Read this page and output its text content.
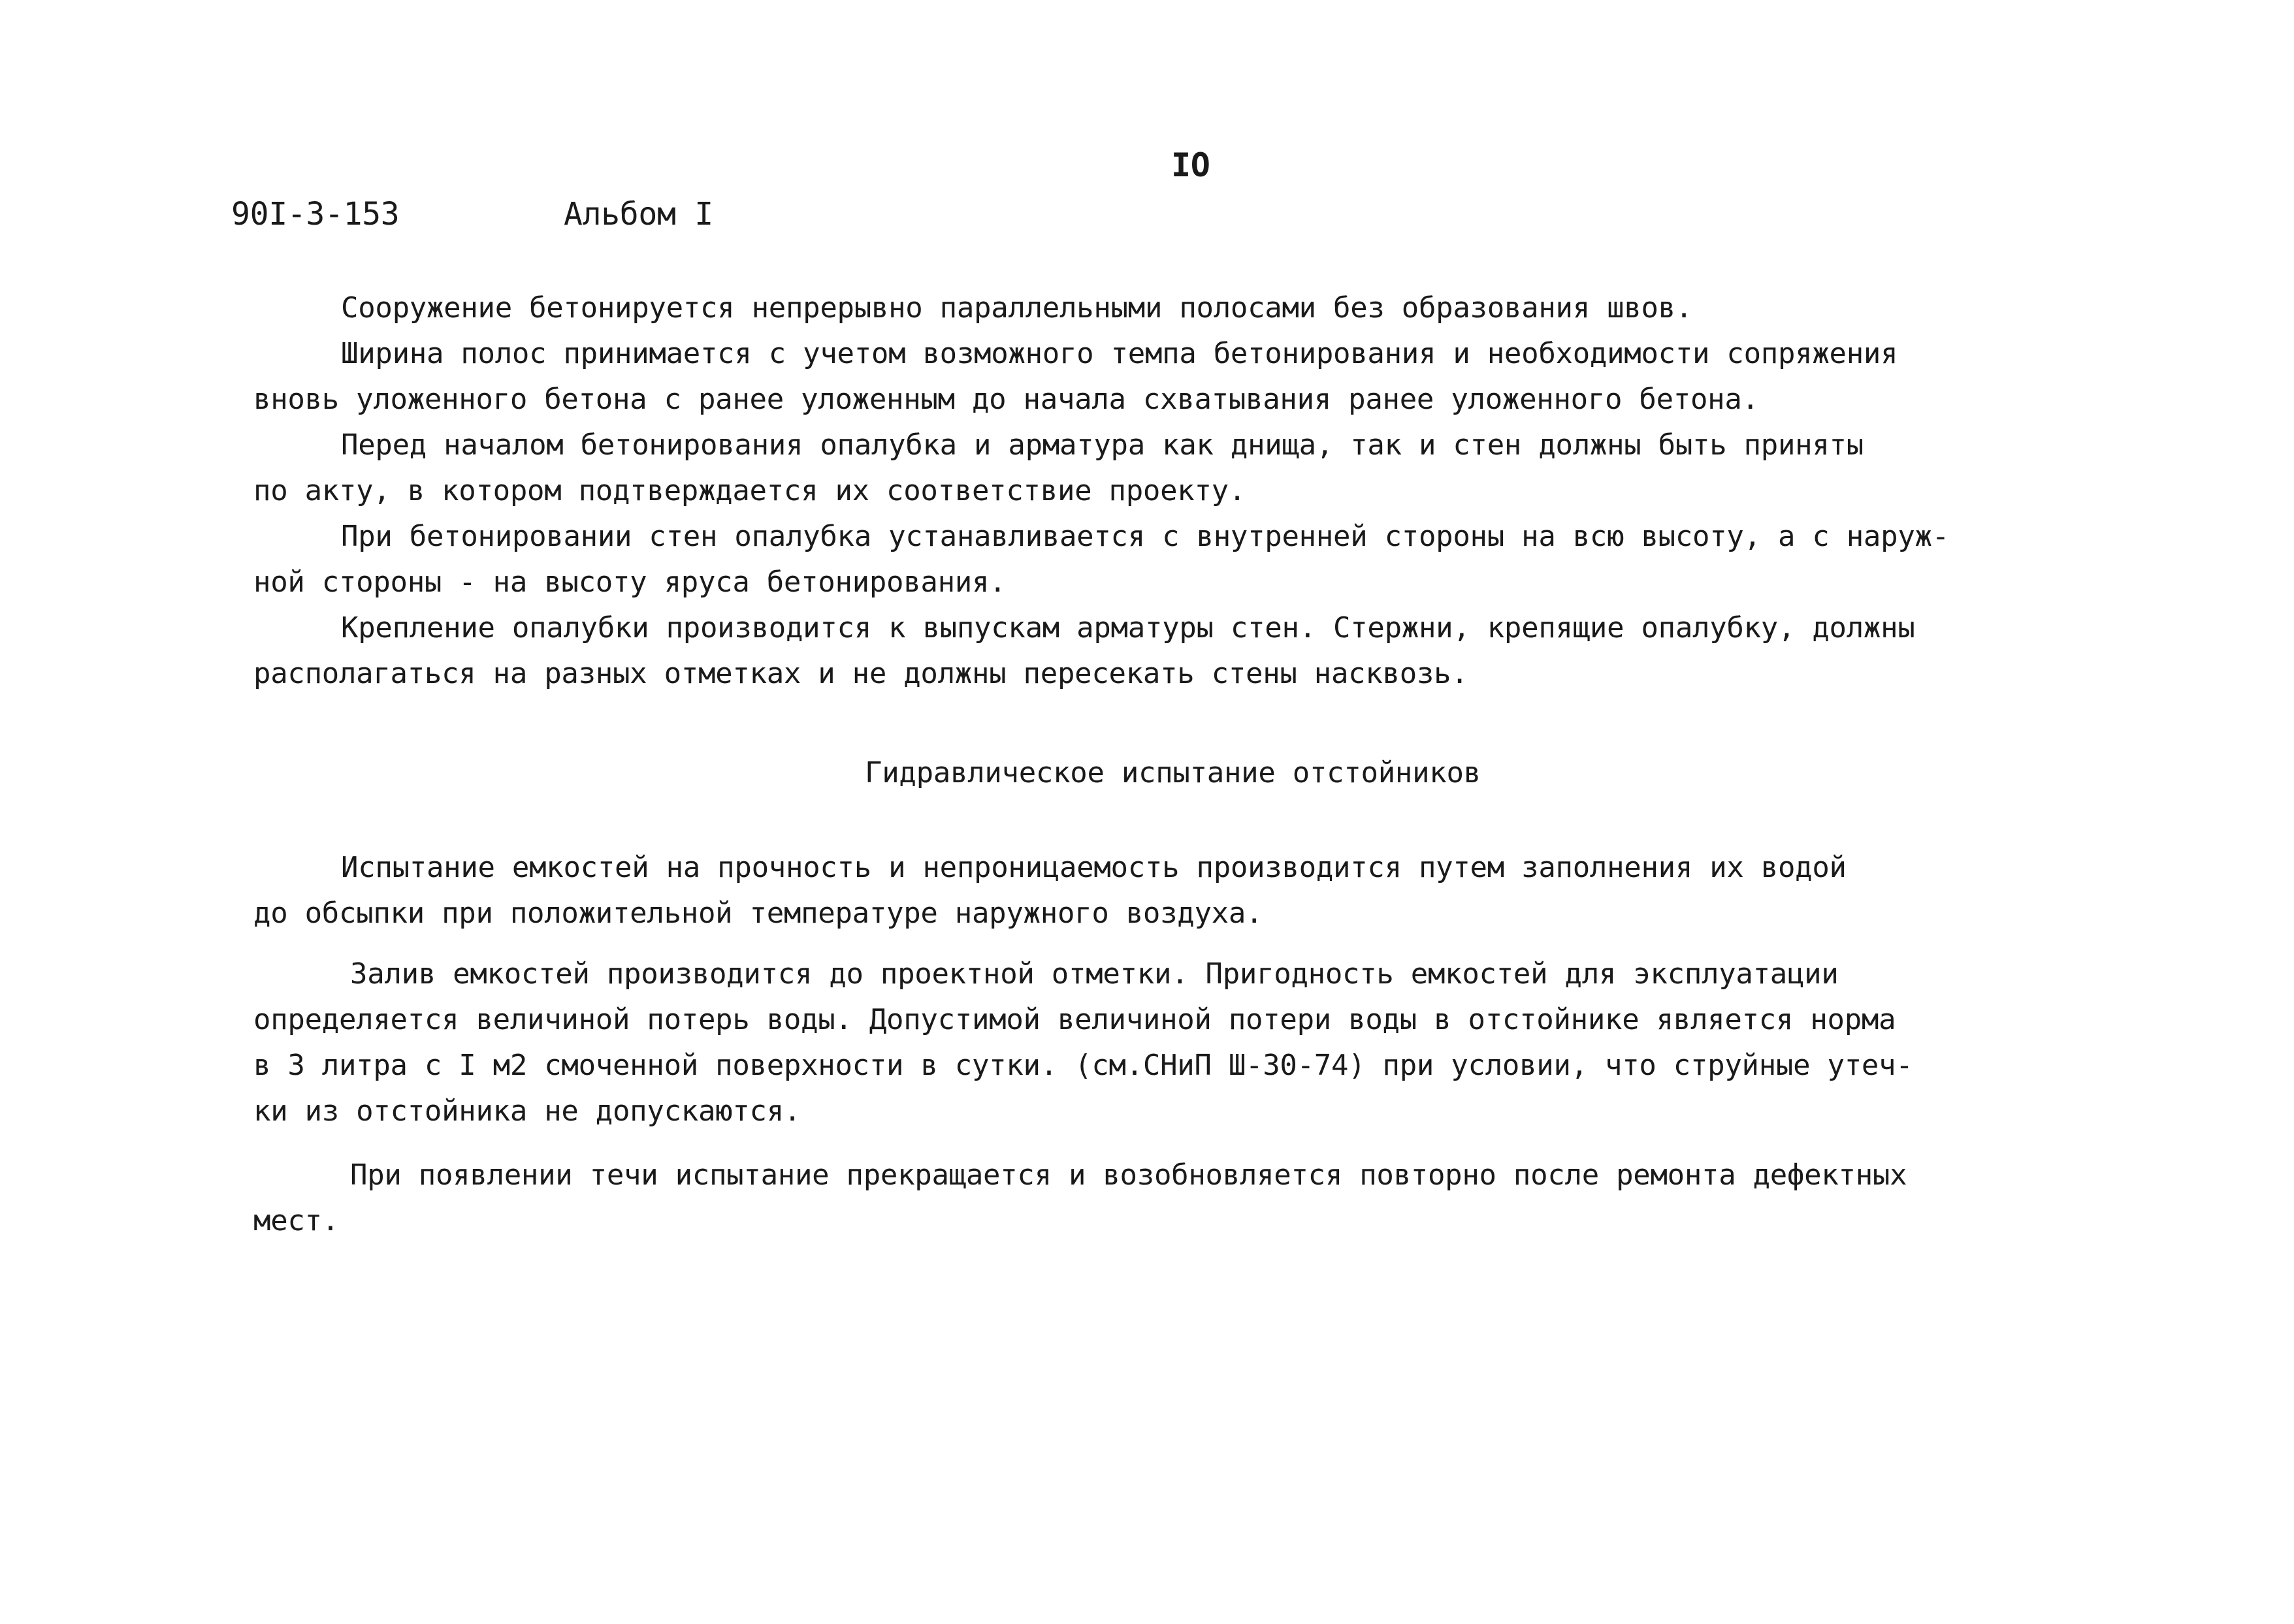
IO
90I-3-153	Альбом I
Сооружение бетонируется непрерывно параллельными полосами без образования швов.
Ширина полос принимается с учетом возможного темпа бетонирования и необходимости сопряжения
вновь уложенного бетона с ранее уложенным до начала схватывания ранее уложенного бетона.
Перед началом бетонирования опалубка и арматура как днища, так и стен должны быть приняты
по акту, в котором подтверждается их соответствие проекту.
При бетонировании стен опалубка устанавливается с внутренней стороны на всю высоту, а с наруж-
ной стороны - на высоту яруса бетонирования.
Крепление опалубки производится к выпускам арматуры стен. Стержни, крепящие опалубку, должны
располагаться на разных отметках и не должны пересекать стены насквозь.
Гидравлическое испытание отстойников
Испытание емкостей на прочность и непроницаемость производится путем заполнения их водой
до обсыпки при положительной температуре наружного воздуха.
Залив емкостей производится до проектной отметки. Пригодность емкостей для эксплуатации
определяется величиной потерь воды. Допустимой величиной потери воды в отстойнике является норма
в 3 литра с I м2 смоченной поверхности в сутки. (см.СНиП Ш-30-74) при условии, что струйные утеч-
ки из отстойника не допускаются.
При появлении течи испытание прекращается и возобновляется повторно после ремонта дефектных
мест.
